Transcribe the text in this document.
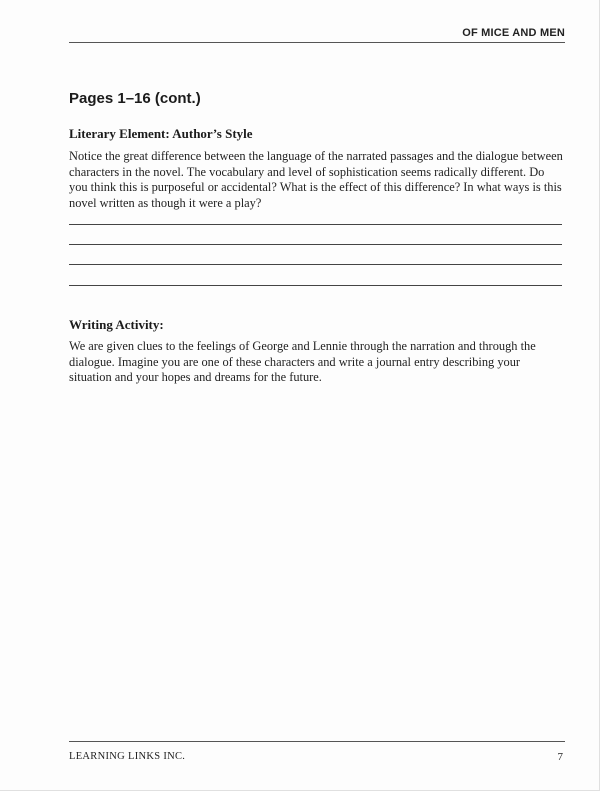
OF MICE AND MEN
Pages 1–16 (cont.)
Literary Element: Author’s Style

Notice the great difference between the language of the narrated passages and the dialogue between characters in the novel. The vocabulary and level of sophistication seems radically different. Do you think this is purposeful or accidental? What is the effect of this difference? In what ways is this novel written as though it were a play?

Writing Activity:

We are given clues to the feelings of George and Lennie through the narration and through the dialogue. Imagine you are one of these characters and write a journal entry describing your situation and your hopes and dreams for the future.

LEARNING LINKS INC.	7
